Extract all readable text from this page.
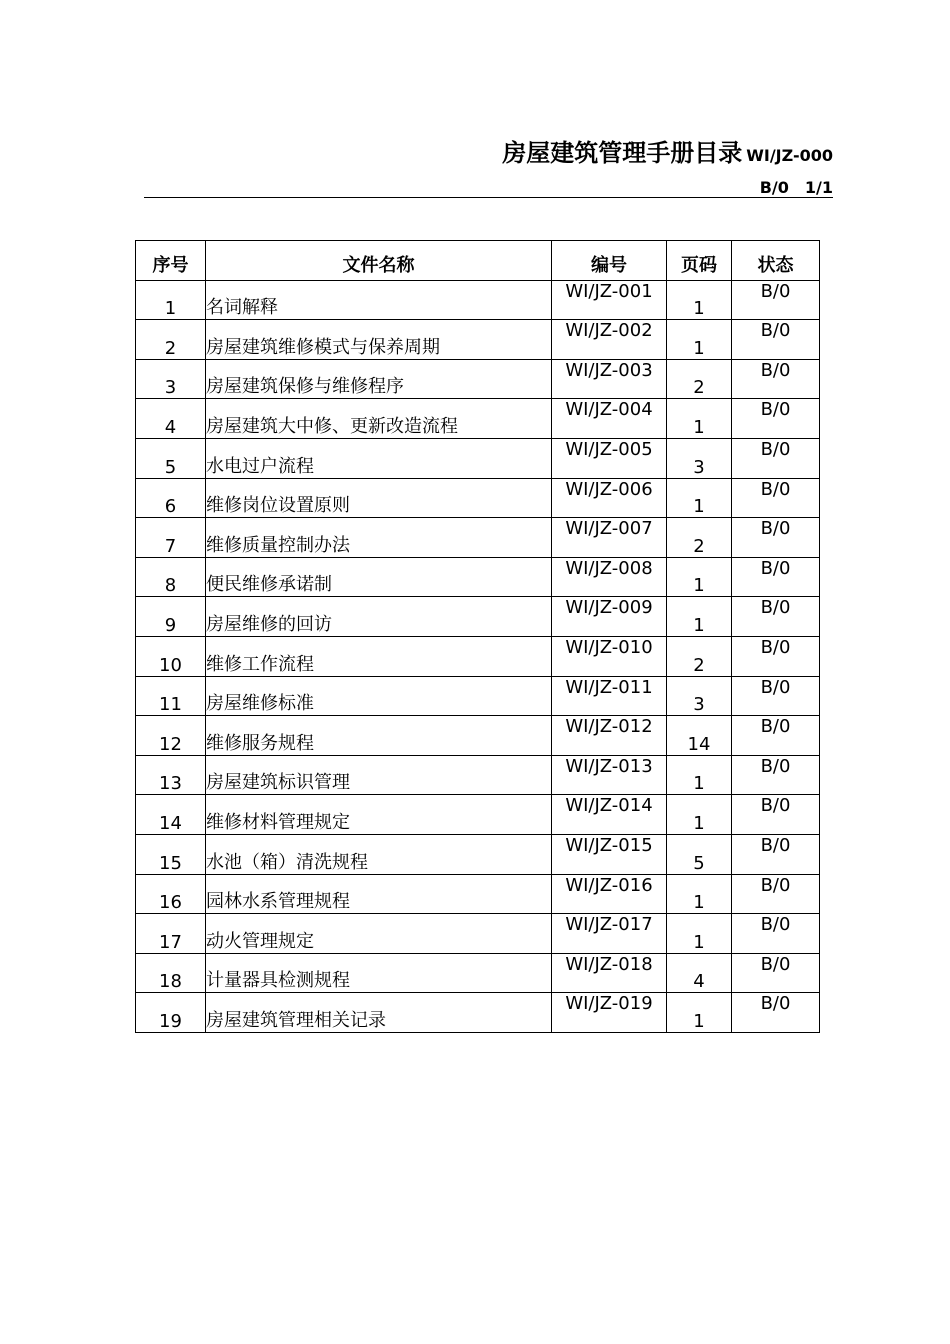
房屋建筑管理手册目录 WI/JZ-000
B/0 1/1
序号	文件名称	编号	页码	状态
1	名词解释	WI/JZ-001	1	B/0
2	房屋建筑维修模式与保养周期	WI/JZ-002	1	B/0
3	房屋建筑保修与维修程序	WI/JZ-003	2	B/0
4	房屋建筑大中修、更新改造流程	WI/JZ-004	1	B/0
5	水电过户流程	WI/JZ-005	3	B/0
6	维修岗位设置原则	WI/JZ-006	1	B/0
7	维修质量控制办法	WI/JZ-007	2	B/0
8	便民维修承诺制	WI/JZ-008	1	B/0
9	房屋维修的回访	WI/JZ-009	1	B/0
10	维修工作流程	WI/JZ-010	2	B/0
11	房屋维修标准	WI/JZ-011	3	B/0
12	维修服务规程	WI/JZ-012	14	B/0
13	房屋建筑标识管理	WI/JZ-013	1	B/0
14	维修材料管理规定	WI/JZ-014	1	B/0
15	水池（箱）清洗规程	WI/JZ-015	5	B/0
16	园林水系管理规程	WI/JZ-016	1	B/0
17	动火管理规定	WI/JZ-017	1	B/0
18	计量器具检测规程	WI/JZ-018	4	B/0
19	房屋建筑管理相关记录	WI/JZ-019	1	B/0
